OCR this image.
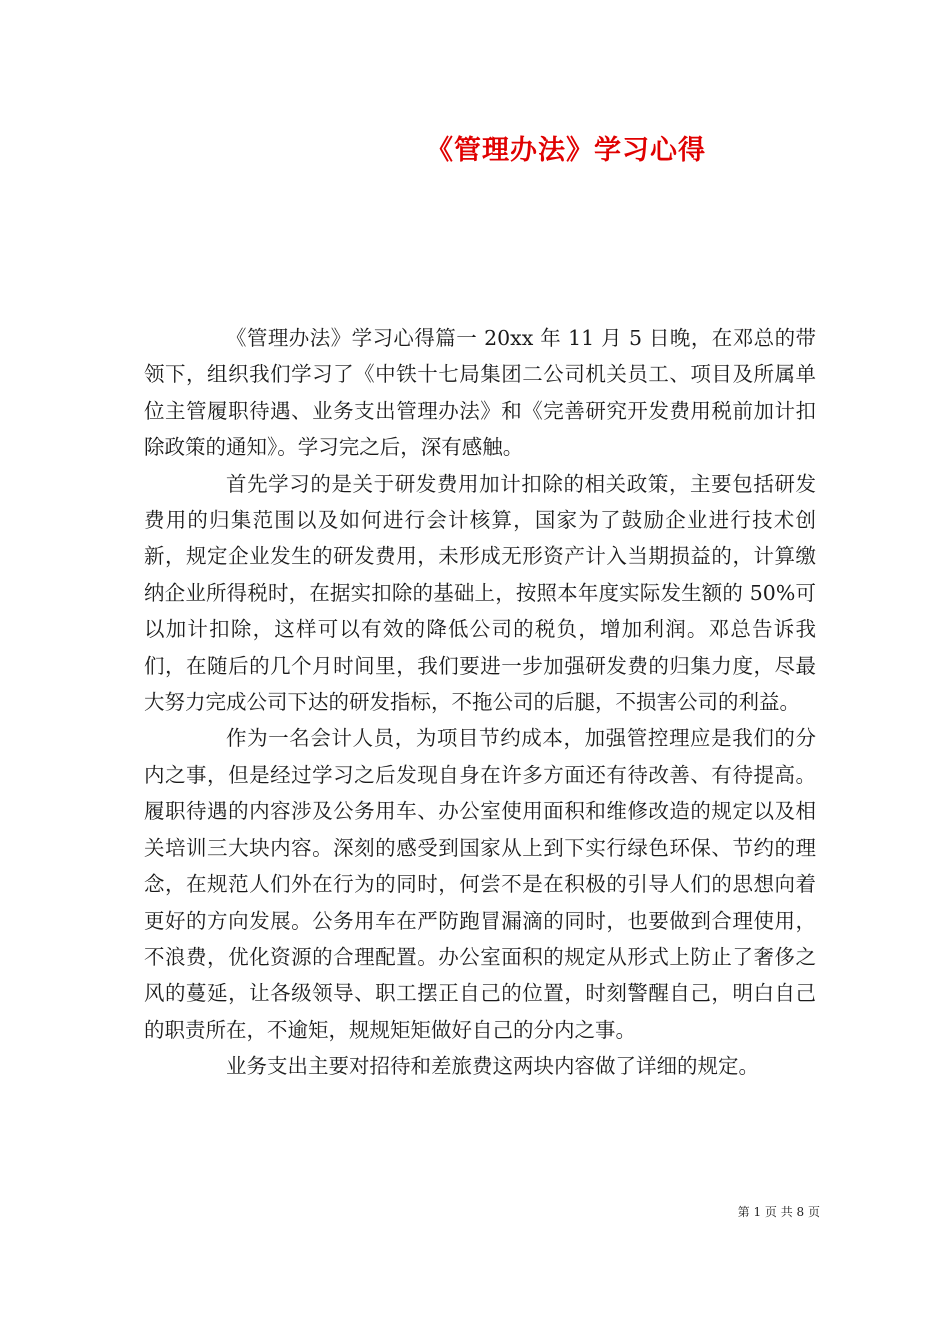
《管理办法》学习心得

《管理办法》学习心得篇一 20xx 年 11 月 5 日晚，在邓总的带领下，组织我们学习了《中铁十七局集团二公司机关员工、项目及所属单位主管履职待遇、业务支出管理办法》和《完善研究开发费用税前加计扣除政策的通知》。学习完之后，深有感触。

首先学习的是关于研发费用加计扣除的相关政策，主要包括研发费用的归集范围以及如何进行会计核算，国家为了鼓励企业进行技术创新，规定企业发生的研发费用，未形成无形资产计入当期损益的，计算缴纳企业所得税时，在据实扣除的基础上，按照本年度实际发生额的 50%可以加计扣除，这样可以有效的降低公司的税负，增加利润。邓总告诉我们，在随后的几个月时间里，我们要进一步加强研发费的归集力度，尽最大努力完成公司下达的研发指标，不拖公司的后腿，不损害公司的利益。

作为一名会计人员，为项目节约成本，加强管控理应是我们的分内之事，但是经过学习之后发现自身在许多方面还有待改善、有待提高。履职待遇的内容涉及公务用车、办公室使用面积和维修改造的规定以及相关培训三大块内容。深刻的感受到国家从上到下实行绿色环保、节约的理念，在规范人们外在行为的同时，何尝不是在积极的引导人们的思想向着更好的方向发展。公务用车在严防跑冒漏滴的同时，也要做到合理使用，不浪费，优化资源的合理配置。办公室面积的规定从形式上防止了奢侈之风的蔓延，让各级领导、职工摆正自己的位置，时刻警醒自己，明白自己的职责所在，不逾矩，规规矩矩做好自己的分内之事。

业务支出主要对招待和差旅费这两块内容做了详细的规定。

第 1 页 共 8 页
